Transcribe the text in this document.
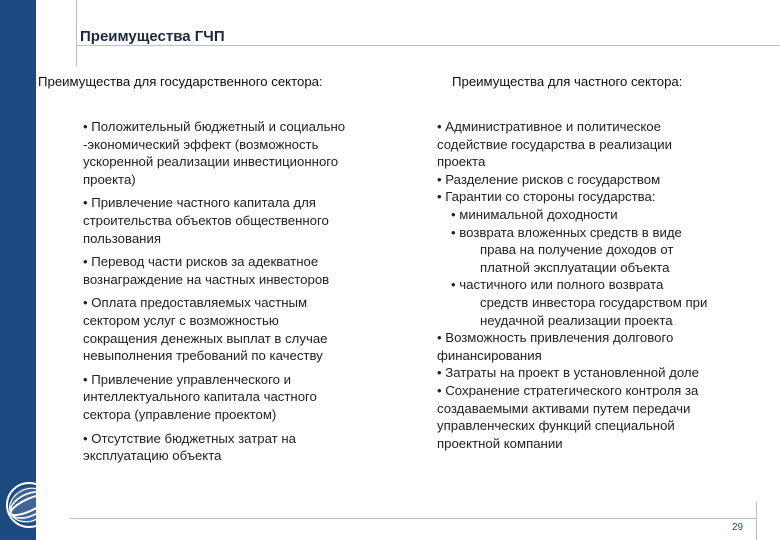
Преимущества ГЧП
Преимущества для государственного сектора:	Преимущества для частного сектора:

• Положительный бюджетный и социально
-экономический эффект (возможность
ускоренной реализации инвестиционного
проекта)

• Привлечение частного капитала для
строительства объектов общественного
пользования

• Перевод части рисков за адекватное
вознаграждение на частных инвесторов

• Оплата предоставляемых частным
сектором услуг с возможностью
сокращения денежных выплат в случае
невыполнения требований по качеству

• Привлечение управленческого и
интеллектуального капитала частного
сектора (управление проектом)

• Отсутствие бюджетных затрат на
эксплуатацию объекта

• Административное и политическое
содействие государства в реализации
проекта
• Разделение рисков с государством
• Гарантии со стороны государства:
• минимальной доходности
• возврата вложенных средств в виде
права на получение доходов от
платной эксплуатации объекта
• частичного или полного возврата
средств инвестора государством при
неудачной реализации проекта
• Возможность привлечения долгового
финансирования
• Затраты на проект в установленной доле
• Сохранение стратегического контроля за
создаваемыми активами путем передачи
управленческих функций специальной
проектной компании
29
